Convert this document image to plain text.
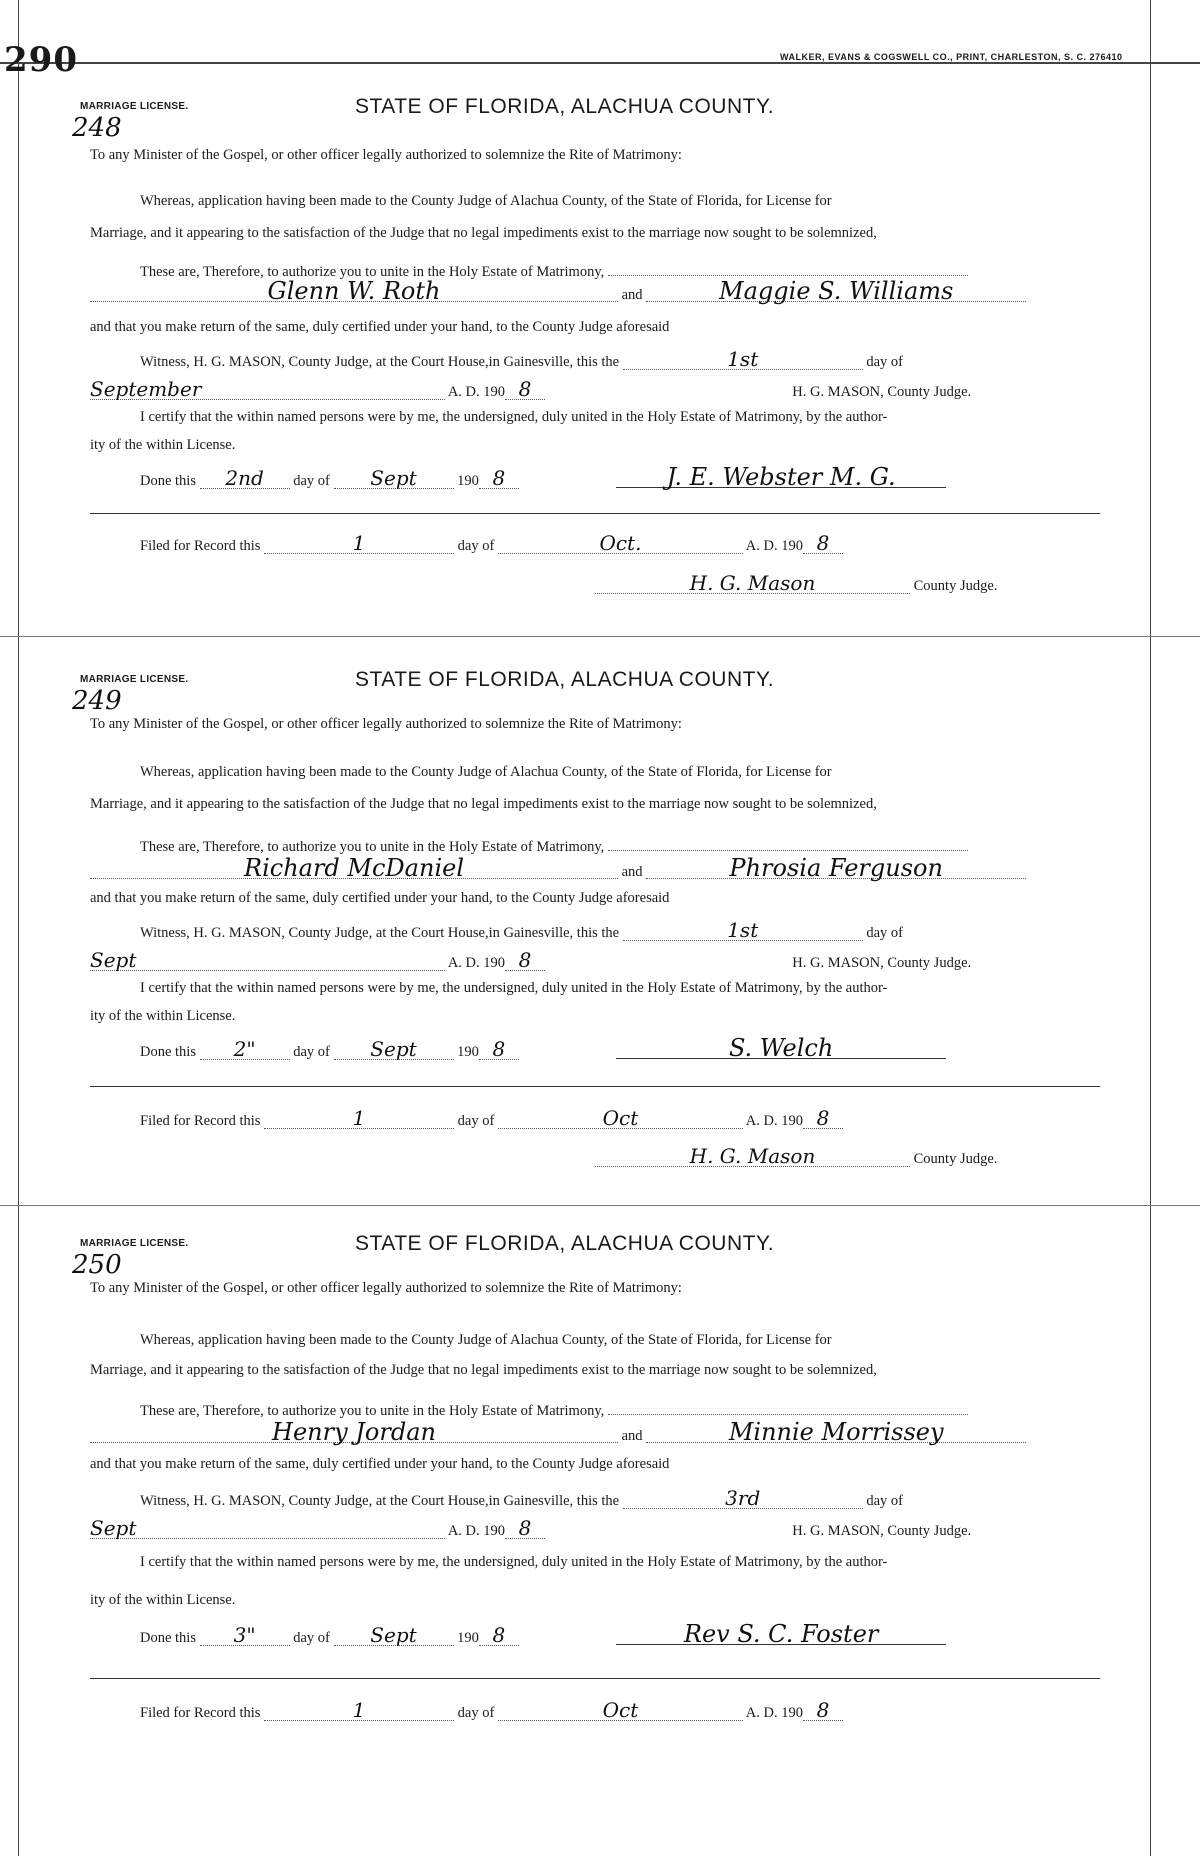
290	WALKER, EVANS & COGSWELL CO., PRINT, CHARLESTON, S. C. 276410
MARRIAGE LICENSE.	STATE OF FLORIDA, ALACHUA COUNTY.
248
To any Minister of the Gospel, or other officer legally authorized to solemnize the Rite of Matrimony:
Whereas, application having been made to the County Judge of Alachua County, of the State of Florida, for License for
Marriage, and it appearing to the satisfaction of the Judge that no legal impediments exist to the marriage now sought to be solemnized,
These are, Therefore, to authorize you to unite in the Holy Estate of Matrimony,
Glenn W. Roth	and	Maggie S. Williams
and that you make return of the same, duly certified under your hand, to the County Judge aforesaid
Witness, H. G. MASON, County Judge, at the Court House,in Gainesville, this the	1st	day of
September	A. D. 190 8	H. G. MASON, County Judge.
I certify that the within named persons were by me, the undersigned, duly united in the Holy Estate of Matrimony, by the author-
ity of the within License.
Done this 2nd day of Sept	190 8	J. E. Webster M. G.
Filed for Record this	1	day of	Oct.	A. D. 190 8
H. G. Mason	County Judge.
MARRIAGE LICENSE.	STATE OF FLORIDA, ALACHUA COUNTY.
249
To any Minister of the Gospel, or other officer legally authorized to solemnize the Rite of Matrimony:
Whereas, application having been made to the County Judge of Alachua County, of the State of Florida, for License for
Marriage, and it appearing to the satisfaction of the Judge that no legal impediments exist to the marriage now sought to be solemnized,
These are, Therefore, to authorize you to unite in the Holy Estate of Matrimony,
Richard McDaniel	and	Phrosia Ferguson
and that you make return of the same, duly certified under your hand, to the County Judge aforesaid
Witness, H. G. MASON, County Judge, at the Court House,in Gainesville, this the	1st	day of
Sept	A. D. 190 8	H. G. MASON, County Judge.
I certify that the within named persons were by me, the undersigned, duly united in the Holy Estate of Matrimony, by the author-
ity of the within License.
Done this 2"	day of Sept	190 8	S. Welch
Filed for Record this	1	day of	Oct	A. D. 190 8
H. G. Mason	County Judge.
MARRIAGE LICENSE.	STATE OF FLORIDA, ALACHUA COUNTY.
250
To any Minister of the Gospel, or other officer legally authorized to solemnize the Rite of Matrimony:
Whereas, application having been made to the County Judge of Alachua County, of the State of Florida, for License for
Marriage, and it appearing to the satisfaction of the Judge that no legal impediments exist to the marriage now sought to be solemnized,
These are, Therefore, to authorize you to unite in the Holy Estate of Matrimony,
Henry Jordan	and	Minnie Morrissey
and that you make return of the same, duly certified under your hand, to the County Judge aforesaid
Witness, H. G. MASON, County Judge, at the Court House,in Gainesville, this the	3rd	day of
Sept	A. D. 190 8	H. G. MASON, County Judge.
I certify that the within named persons were by me, the undersigned, duly united in the Holy Estate of Matrimony, by the author-
ity of the within License.
Done this 3"	day of Sept	190 8	Rev S. C. Foster
Filed for Record this	1	day of	Oct	A. D. 190 8
